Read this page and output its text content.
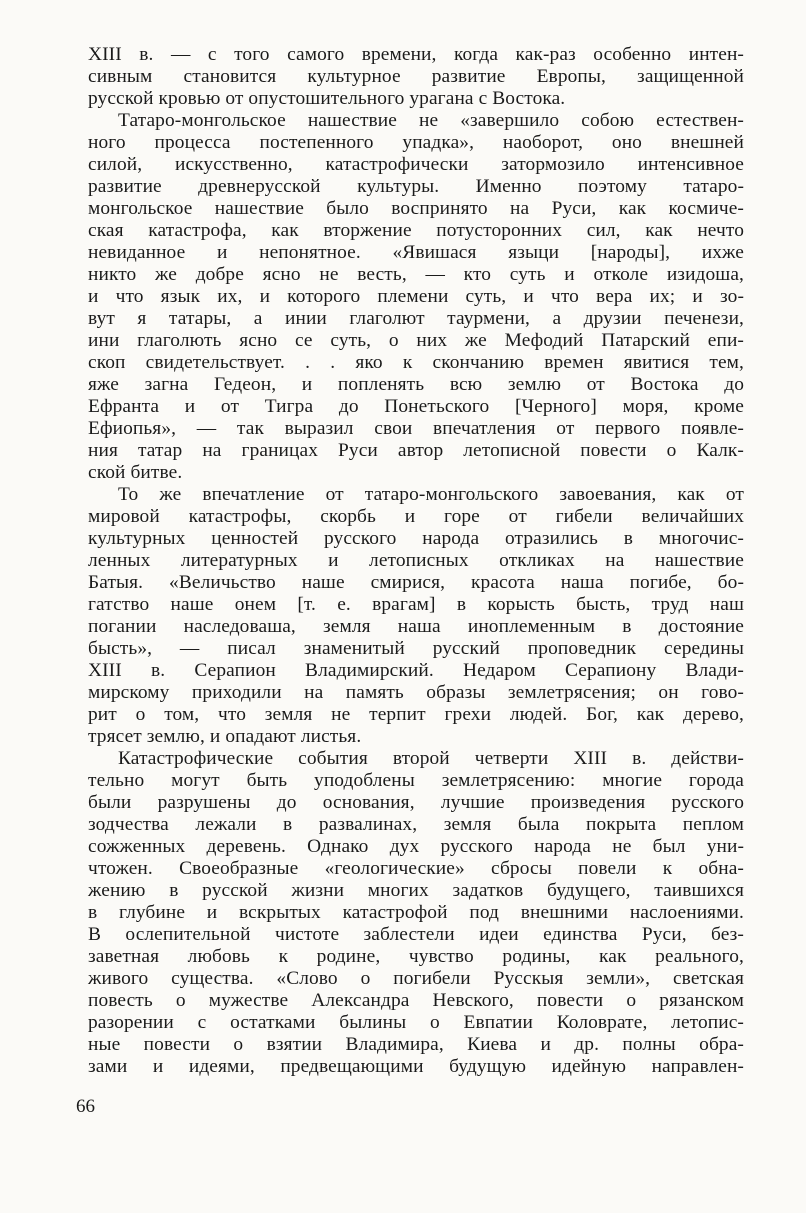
XIII в. — с того самого времени, когда как-раз особенно интен-
сивным становится культурное развитие Европы, защищенной
русской кровью от опустошительного урагана с Востока.
Татаро-монгольское нашествие не «завершило собою естествен-
ного процесса постепенного упадка», наоборот, оно внешней
силой, искусственно, катастрофически затормозило интенсивное
развитие древнерусской культуры. Именно поэтому татаро-
монгольское нашествие было воспринято на Руси, как космиче-
ская катастрофа, как вторжение потусторонних сил, как нечто
невиданное и непонятное. «Явишася языци [народы], ихже
никто же добре ясно не весть, — кто суть и отколе изидоша,
и что язык их, и которого племени суть, и что вера их; и зо-
вут я татары, а инии глаголют таурмени, а друзии печенези,
ини глаголють ясно се суть, о них же Мефодий Патарский епи-
скоп свидетельствует. . . яко к скончанию времен явитися тем,
яже загна Гедеон, и попленять всю землю от Востока до
Ефранта и от Тигра до Понетьского [Черного] моря, кроме
Ефиопья», — так выразил свои впечатления от первого появле-
ния татар на границах Руси автор летописной повести о Калк-
ской битве.
То же впечатление от татаро-монгольского завоевания, как от
мировой катастрофы, скорбь и горе от гибели величайших
культурных ценностей русского народа отразились в многочис-
ленных литературных и летописных откликах на нашествие
Батыя. «Величьство наше смирися, красота наша погибе, бо-
гатство наше онем [т. е. врагам] в корысть бысть, труд наш
погании наследоваша, земля наша иноплеменным в достояние
бысть», — писал знаменитый русский проповедник середины
XIII в. Серапион Владимирский. Недаром Серапиону Влади-
мирскому приходили на память образы землетрясения; он гово-
рит о том, что земля не терпит грехи людей. Бог, как дерево,
трясет землю, и опадают листья.
Катастрофические события второй четверти XIII в. действи-
тельно могут быть уподоблены землетрясению: многие города
были разрушены до основания, лучшие произведения русского
зодчества лежали в развалинах, земля была покрыта пеплом
сожженных деревень. Однако дух русского народа не был уни-
чтожен. Своеобразные «геологические» сбросы повели к обна-
жению в русской жизни многих задатков будущего, таившихся
в глубине и вскрытых катастрофой под внешними наслоениями.
В ослепительной чистоте заблестели идеи единства Руси, без-
заветная любовь к родине, чувство родины, как реального,
живого существа. «Слово о погибели Русскыя земли», светская
повесть о мужестве Александра Невского, повести о рязанском
разорении с остатками былины о Евпатии Коловрате, летопис-
ные повести о взятии Владимира, Киева и др. полны обра-
зами и идеями, предвещающими будущую идейную направлен-
66
